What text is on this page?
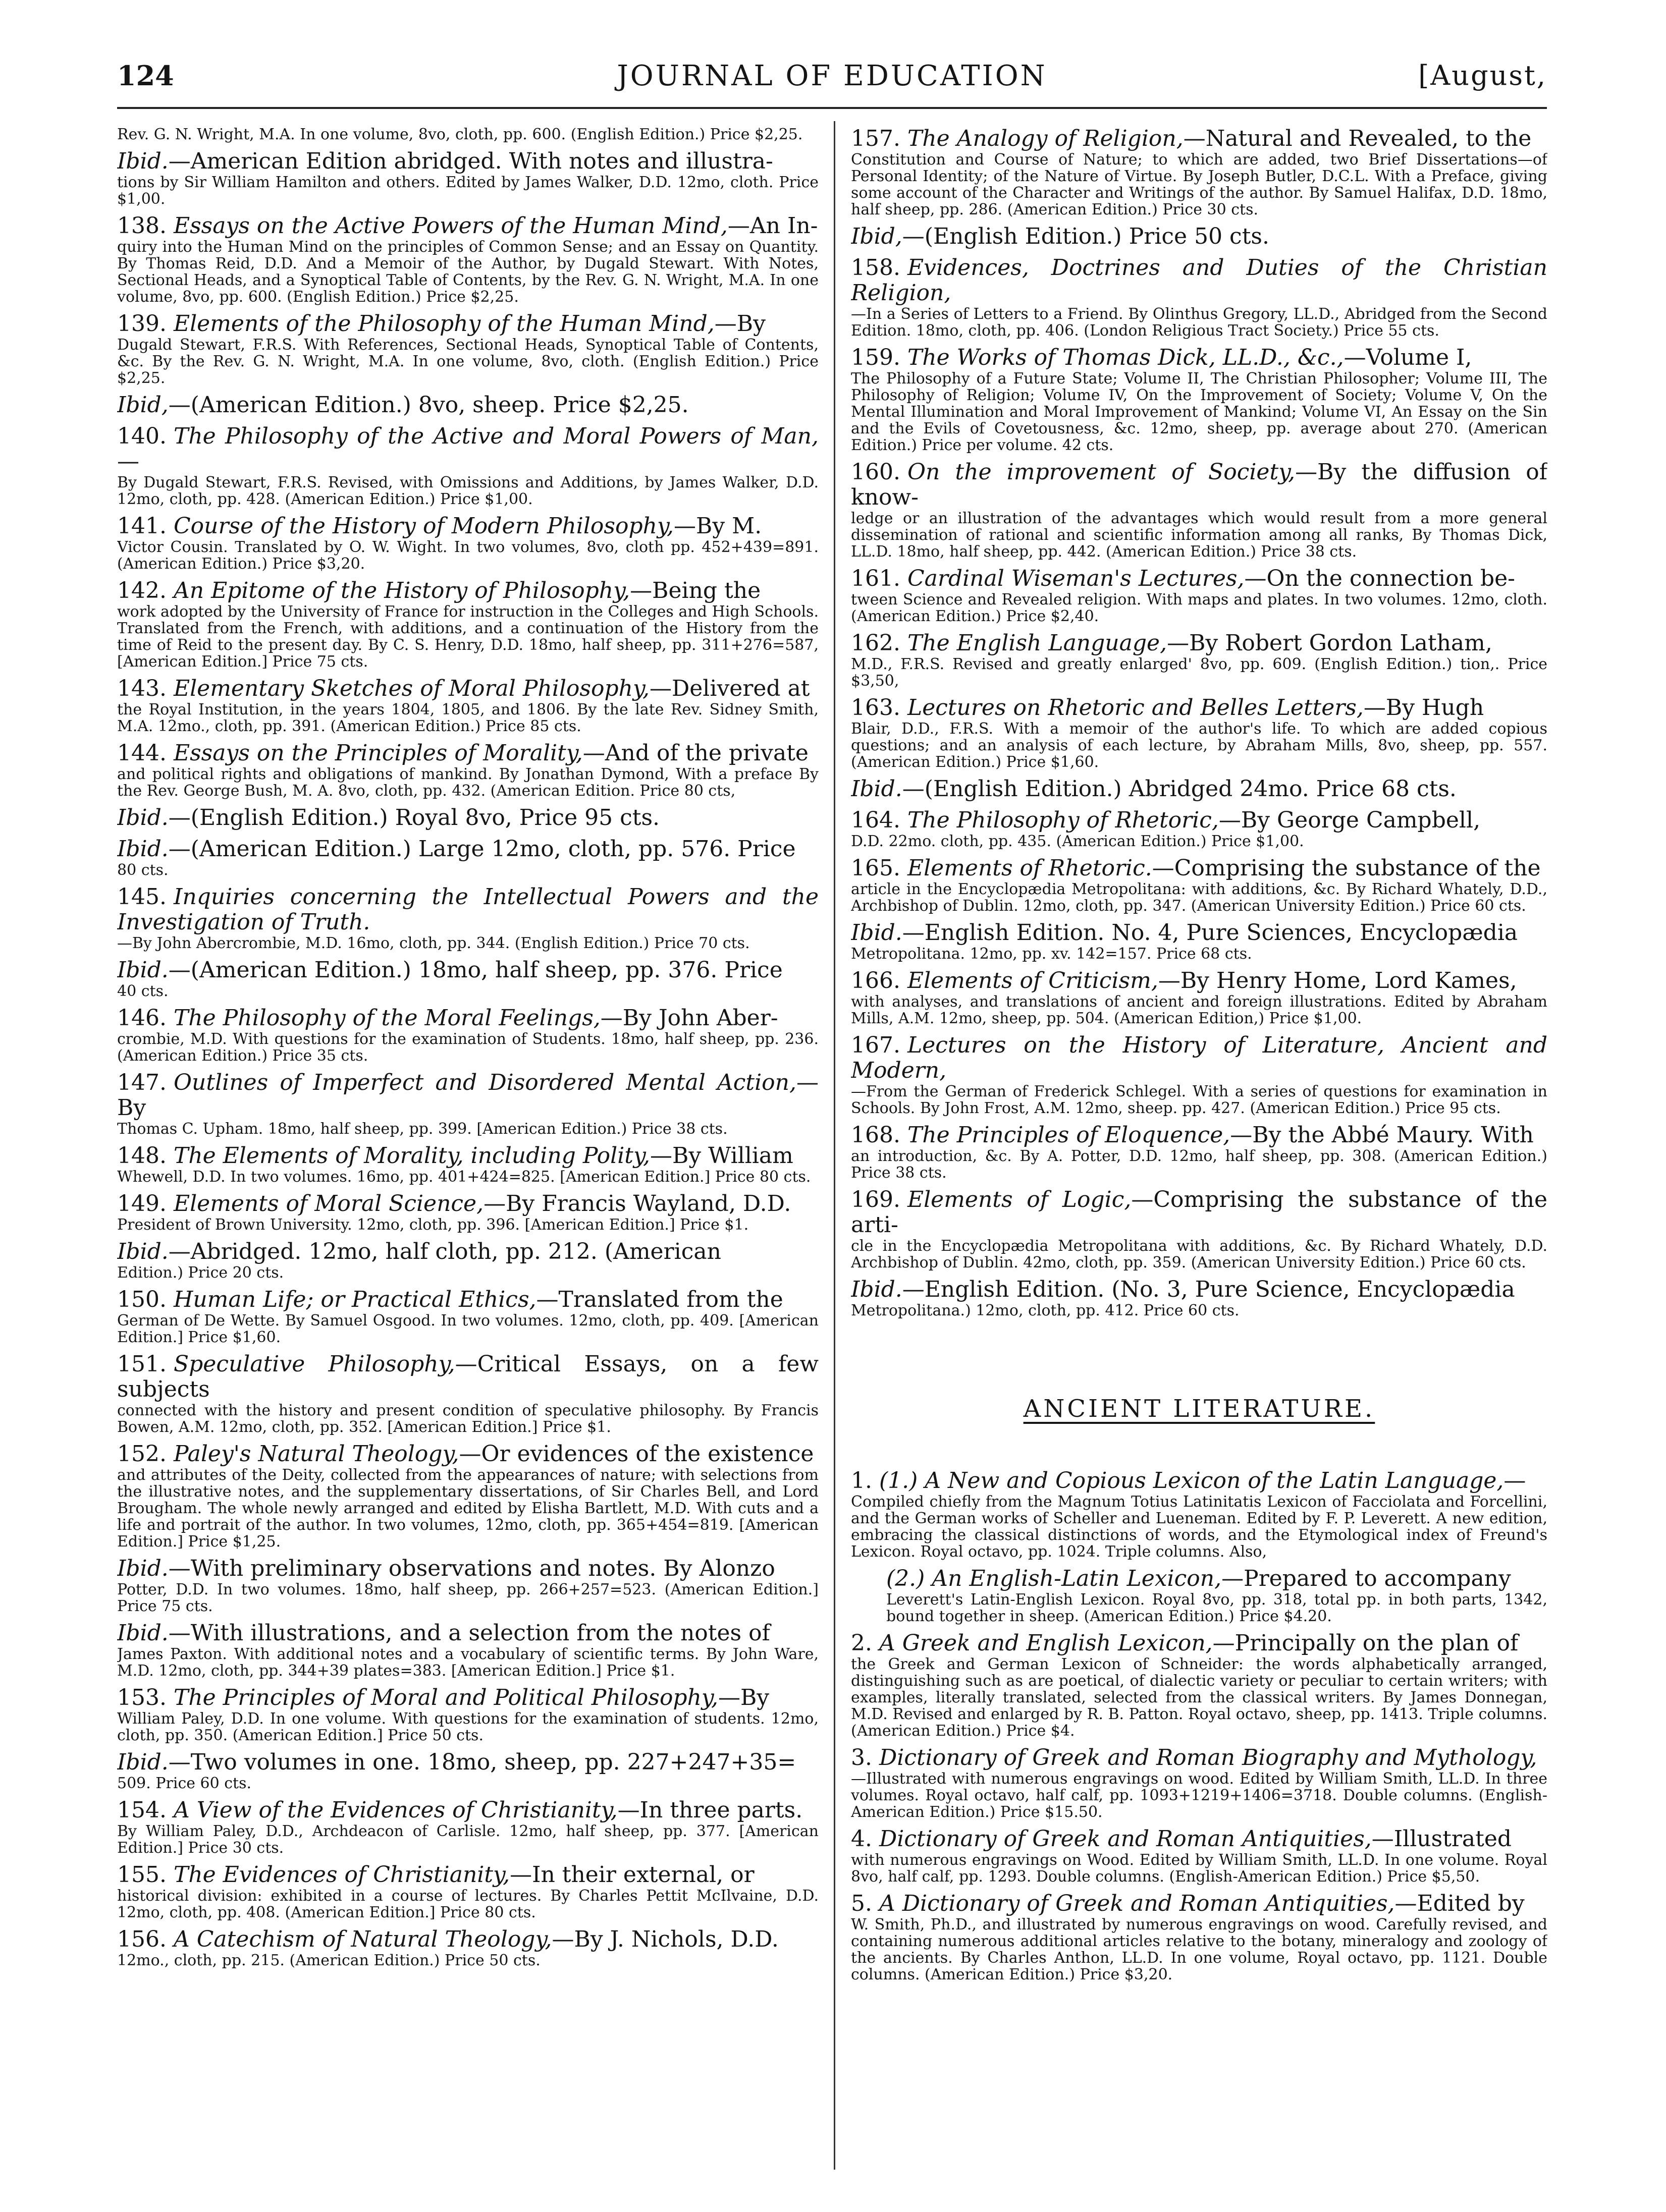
124	JOURNAL OF EDUCATION	[August,

Rev. G. N. Wright, M.A. In one volume, 8vo, cloth, pp. 600. (English Edition.) Price $2,25.

Ibid.—American Edition abridged. With notes and illustra-

tions by Sir William Hamilton and others. Edited by James Walker, D.D. 12mo, cloth. Price $1,00.

138. Essays on the Active Powers of the Human Mind,—An In-

quiry into the Human Mind on the principles of Common Sense; and an Essay on Quantity. By Thomas Reid, D.D. And a Memoir of the Author, by Dugald Stewart. With Notes, Sectional Heads, and a Synoptical Table of Contents, by the Rev. G. N. Wright, M.A. In one volume, 8vo, pp. 600. (English Edition.) Price $2,25.

139. Elements of the Philosophy of the Human Mind,—By

Dugald Stewart, F.R.S. With References, Sectional Heads, Synoptical Table of Contents, &c. By the Rev. G. N. Wright, M.A. In one volume, 8vo, cloth. (English Edition.) Price $2,25.

Ibid,—(American Edition.) 8vo, sheep. Price $2,25.

140. The Philosophy of the Active and Moral Powers of Man,—

By Dugald Stewart, F.R.S. Revised, with Omissions and Additions, by James Walker, D.D. 12mo, cloth, pp. 428. (American Edition.) Price $1,00.

141. Course of the History of Modern Philosophy,—By M.

Victor Cousin. Translated by O. W. Wight. In two volumes, 8vo, cloth pp. 452+439=891. (American Edition.) Price $3,20.

142. An Epitome of the History of Philosophy,—Being the

work adopted by the University of France for instruction in the Colleges and High Schools. Translated from the French, with additions, and a continuation of the History from the time of Reid to the present day. By C. S. Henry, D.D. 18mo, half sheep, pp. 311+276=587, [American Edition.] Price 75 cts.

143. Elementary Sketches of Moral Philosophy,—Delivered at

the Royal Institution, in the years 1804, 1805, and 1806. By the late Rev. Sidney Smith, M.A. 12mo., cloth, pp. 391. (American Edition.) Price 85 cts.

144. Essays on the Principles of Morality,—And of the private

and political rights and obligations of mankind. By Jonathan Dymond, With a preface By the Rev. George Bush, M. A. 8vo, cloth, pp. 432. (American Edition. Price 80 cts,

Ibid.—(English Edition.) Royal 8vo, Price 95 cts.

Ibid.—(American Edition.) Large 12mo, cloth, pp. 576. Price

80 cts.

145. Inquiries concerning the Intellectual Powers and the Investigation of Truth.

—By John Abercrombie, M.D. 16mo, cloth, pp. 344. (English Edition.) Price 70 cts.

Ibid.—(American Edition.) 18mo, half sheep, pp. 376. Price

40 cts.

146. The Philosophy of the Moral Feelings,—By John Aber-

crombie, M.D. With questions for the examination of Students. 18mo, half sheep, pp. 236. (American Edition.) Price 35 cts.

147. Outlines of Imperfect and Disordered Mental Action,—By

Thomas C. Upham. 18mo, half sheep, pp. 399. [American Edition.) Price 38 cts.

148. The Elements of Morality, including Polity,—By William

Whewell, D.D. In two volumes. 16mo, pp. 401+424=825. [American Edition.] Price 80 cts.

149. Elements of Moral Science,—By Francis Wayland, D.D.

President of Brown University. 12mo, cloth, pp. 396. [American Edition.] Price $1.

Ibid.—Abridged. 12mo, half cloth, pp. 212. (American

Edition.) Price 20 cts.

150. Human Life; or Practical Ethics,—Translated from the

German of De Wette. By Samuel Osgood. In two volumes. 12mo, cloth, pp. 409. [American Edition.] Price $1,60.

151. Speculative Philosophy,—Critical Essays, on a few subjects

connected with the history and present condition of speculative philosophy. By Francis Bowen, A.M. 12mo, cloth, pp. 352. [American Edition.] Price $1.

152. Paley's Natural Theology,—Or evidences of the existence

and attributes of the Deity, collected from the appearances of nature; with selections from the illustrative notes, and the supplementary dissertations, of Sir Charles Bell, and Lord Brougham. The whole newly arranged and edited by Elisha Bartlett, M.D. With cuts and a life and portrait of the author. In two volumes, 12mo, cloth, pp. 365+454=819. [American Edition.] Price $1,25.

Ibid.—With preliminary observations and notes. By Alonzo

Potter, D.D. In two volumes. 18mo, half sheep, pp. 266+257=523. (American Edition.] Price 75 cts.

Ibid.—With illustrations, and a selection from the notes of

James Paxton. With additional notes and a vocabulary of scientific terms. By John Ware, M.D. 12mo, cloth, pp. 344+39 plates=383. [American Edition.] Price $1.

153. The Principles of Moral and Political Philosophy,—By

William Paley, D.D. In one volume. With questions for the examination of students. 12mo, cloth, pp. 350. (American Edition.] Price 50 cts.

Ibid.—Two volumes in one. 18mo, sheep, pp. 227+247+35=

509. Price 60 cts.

154. A View of the Evidences of Christianity,—In three parts.

By William Paley, D.D., Archdeacon of Carlisle. 12mo, half sheep, pp. 377. [American Edition.] Price 30 cts.

155. The Evidences of Christianity,—In their external, or

historical division: exhibited in a course of lectures. By Charles Pettit McIlvaine, D.D. 12mo, cloth, pp. 408. (American Edition.] Price 80 cts.

156. A Catechism of Natural Theology,—By J. Nichols, D.D.

12mo., cloth, pp. 215. (American Edition.) Price 50 cts.

157. The Analogy of Religion,—Natural and Revealed, to the

Constitution and Course of Nature; to which are added, two Brief Dissertations—of Personal Identity; of the Nature of Virtue. By Joseph Butler, D.C.L. With a Preface, giving some account of the Character and Writings of the author. By Samuel Halifax, D.D. 18mo, half sheep, pp. 286. (American Edition.) Price 30 cts.

Ibid,—(English Edition.) Price 50 cts.

158. Evidences, Doctrines and Duties of the Christian Religion,

—In a Series of Letters to a Friend. By Olinthus Gregory, LL.D., Abridged from the Second Edition. 18mo, cloth, pp. 406. (London Religious Tract Society.) Price 55 cts.

159. The Works of Thomas Dick, LL.D., &c.,—Volume I,

The Philosophy of a Future State; Volume II, The Christian Philosopher; Volume III, The Philosophy of Religion; Volume IV, On the Improvement of Society; Volume V, On the Mental Illumination and Moral Improvement of Mankind; Volume VI, An Essay on the Sin and the Evils of Covetousness, &c. 12mo, sheep, pp. average about 270. (American Edition.) Price per volume. 42 cts.

160. On the improvement of Society,—By the diffusion of know-

ledge or an illustration of the advantages which would result from a more general dissemination of rational and scientific information among all ranks, By Thomas Dick, LL.D. 18mo, half sheep, pp. 442. (American Edition.) Price 38 cts.

161. Cardinal Wiseman's Lectures,—On the connection be-

tween Science and Revealed religion. With maps and plates. In two volumes. 12mo, cloth. (American Edition.) Price $2,40.

162. The English Language,—By Robert Gordon Latham,

M.D., F.R.S. Revised and greatly enlarged' 8vo, pp. 609. (English Edition.) tion,. Price $3,50,

163. Lectures on Rhetoric and Belles Letters,—By Hugh

Blair, D.D., F.R.S. With a memoir of the author's life. To which are added copious questions; and an analysis of each lecture, by Abraham Mills, 8vo, sheep, pp. 557. (American Edition.) Price $1,60.

Ibid.—(English Edition.) Abridged 24mo. Price 68 cts.

164. The Philosophy of Rhetoric,—By George Campbell,

D.D. 22mo. cloth, pp. 435. (American Edition.) Price $1,00.

165. Elements of Rhetoric.—Comprising the substance of the

article in the Encyclopædia Metropolitana: with additions, &c. By Richard Whately, D.D., Archbishop of Dublin. 12mo, cloth, pp. 347. (American University Edition.) Price 60 cts.

Ibid.—English Edition. No. 4, Pure Sciences, Encyclopædia

Metropolitana. 12mo, pp. xv. 142=157. Price 68 cts.

166. Elements of Criticism,—By Henry Home, Lord Kames,

with analyses, and translations of ancient and foreign illustrations. Edited by Abraham Mills, A.M. 12mo, sheep, pp. 504. (American Edition,) Price $1,00.

167. Lectures on the History of Literature, Ancient and Modern,

—From the German of Frederick Schlegel. With a series of questions for examination in Schools. By John Frost, A.M. 12mo, sheep. pp. 427. (American Edition.) Price 95 cts.

168. The Principles of Eloquence,—By the Abbé Maury. With

an introduction, &c. By A. Potter, D.D. 12mo, half sheep, pp. 308. (American Edition.) Price 38 cts.

169. Elements of Logic,—Comprising the substance of the arti-

cle in the Encyclopædia Metropolitana with additions, &c. By Richard Whately, D.D. Archbishop of Dublin. 42mo, cloth, pp. 359. (American University Edition.) Price 60 cts.

Ibid.—English Edition. (No. 3, Pure Science, Encyclopædia

Metropolitana.) 12mo, cloth, pp. 412. Price 60 cts.

ANCIENT LITERATURE.

1. (1.) A New and Copious Lexicon of the Latin Language,—

Compiled chiefly from the Magnum Totius Latinitatis Lexicon of Facciolata and Forcellini, and the German works of Scheller and Lueneman. Edited by F. P. Leverett. A new edition, embracing the classical distinctions of words, and the Etymological index of Freund's Lexicon. Royal octavo, pp. 1024. Triple columns. Also,

(2.) An English-Latin Lexicon,—Prepared to accompany

Leverett's Latin-English Lexicon. Royal 8vo, pp. 318, total pp. in both parts, 1342, bound together in sheep. (American Edition.) Price $4.20.

2. A Greek and English Lexicon,—Principally on the plan of

the Greek and German Lexicon of Schneider: the words alphabetically arranged, distinguishing such as are poetical, of dialectic variety or peculiar to certain writers; with examples, literally translated, selected from the classical writers. By James Donnegan, M.D. Revised and enlarged by R. B. Patton. Royal octavo, sheep, pp. 1413. Triple columns. (American Edition.) Price $4.

3. Dictionary of Greek and Roman Biography and Mythology,

—Illustrated with numerous engravings on wood. Edited by William Smith, LL.D. In three volumes. Royal octavo, half calf, pp. 1093+1219+1406=3718. Double columns. (English-American Edition.) Price $15.50.

4. Dictionary of Greek and Roman Antiquities,—Illustrated

with numerous engravings on Wood. Edited by William Smith, LL.D. In one volume. Royal 8vo, half calf, pp. 1293. Double columns. (English-American Edition.) Price $5,50.

5. A Dictionary of Greek and Roman Antiquities,—Edited by

W. Smith, Ph.D., and illustrated by numerous engravings on wood. Carefully revised, and containing numerous additional articles relative to the botany, mineralogy and zoology of the ancients. By Charles Anthon, LL.D. In one volume, Royal octavo, pp. 1121. Double columns. (American Edition.) Price $3,20.
